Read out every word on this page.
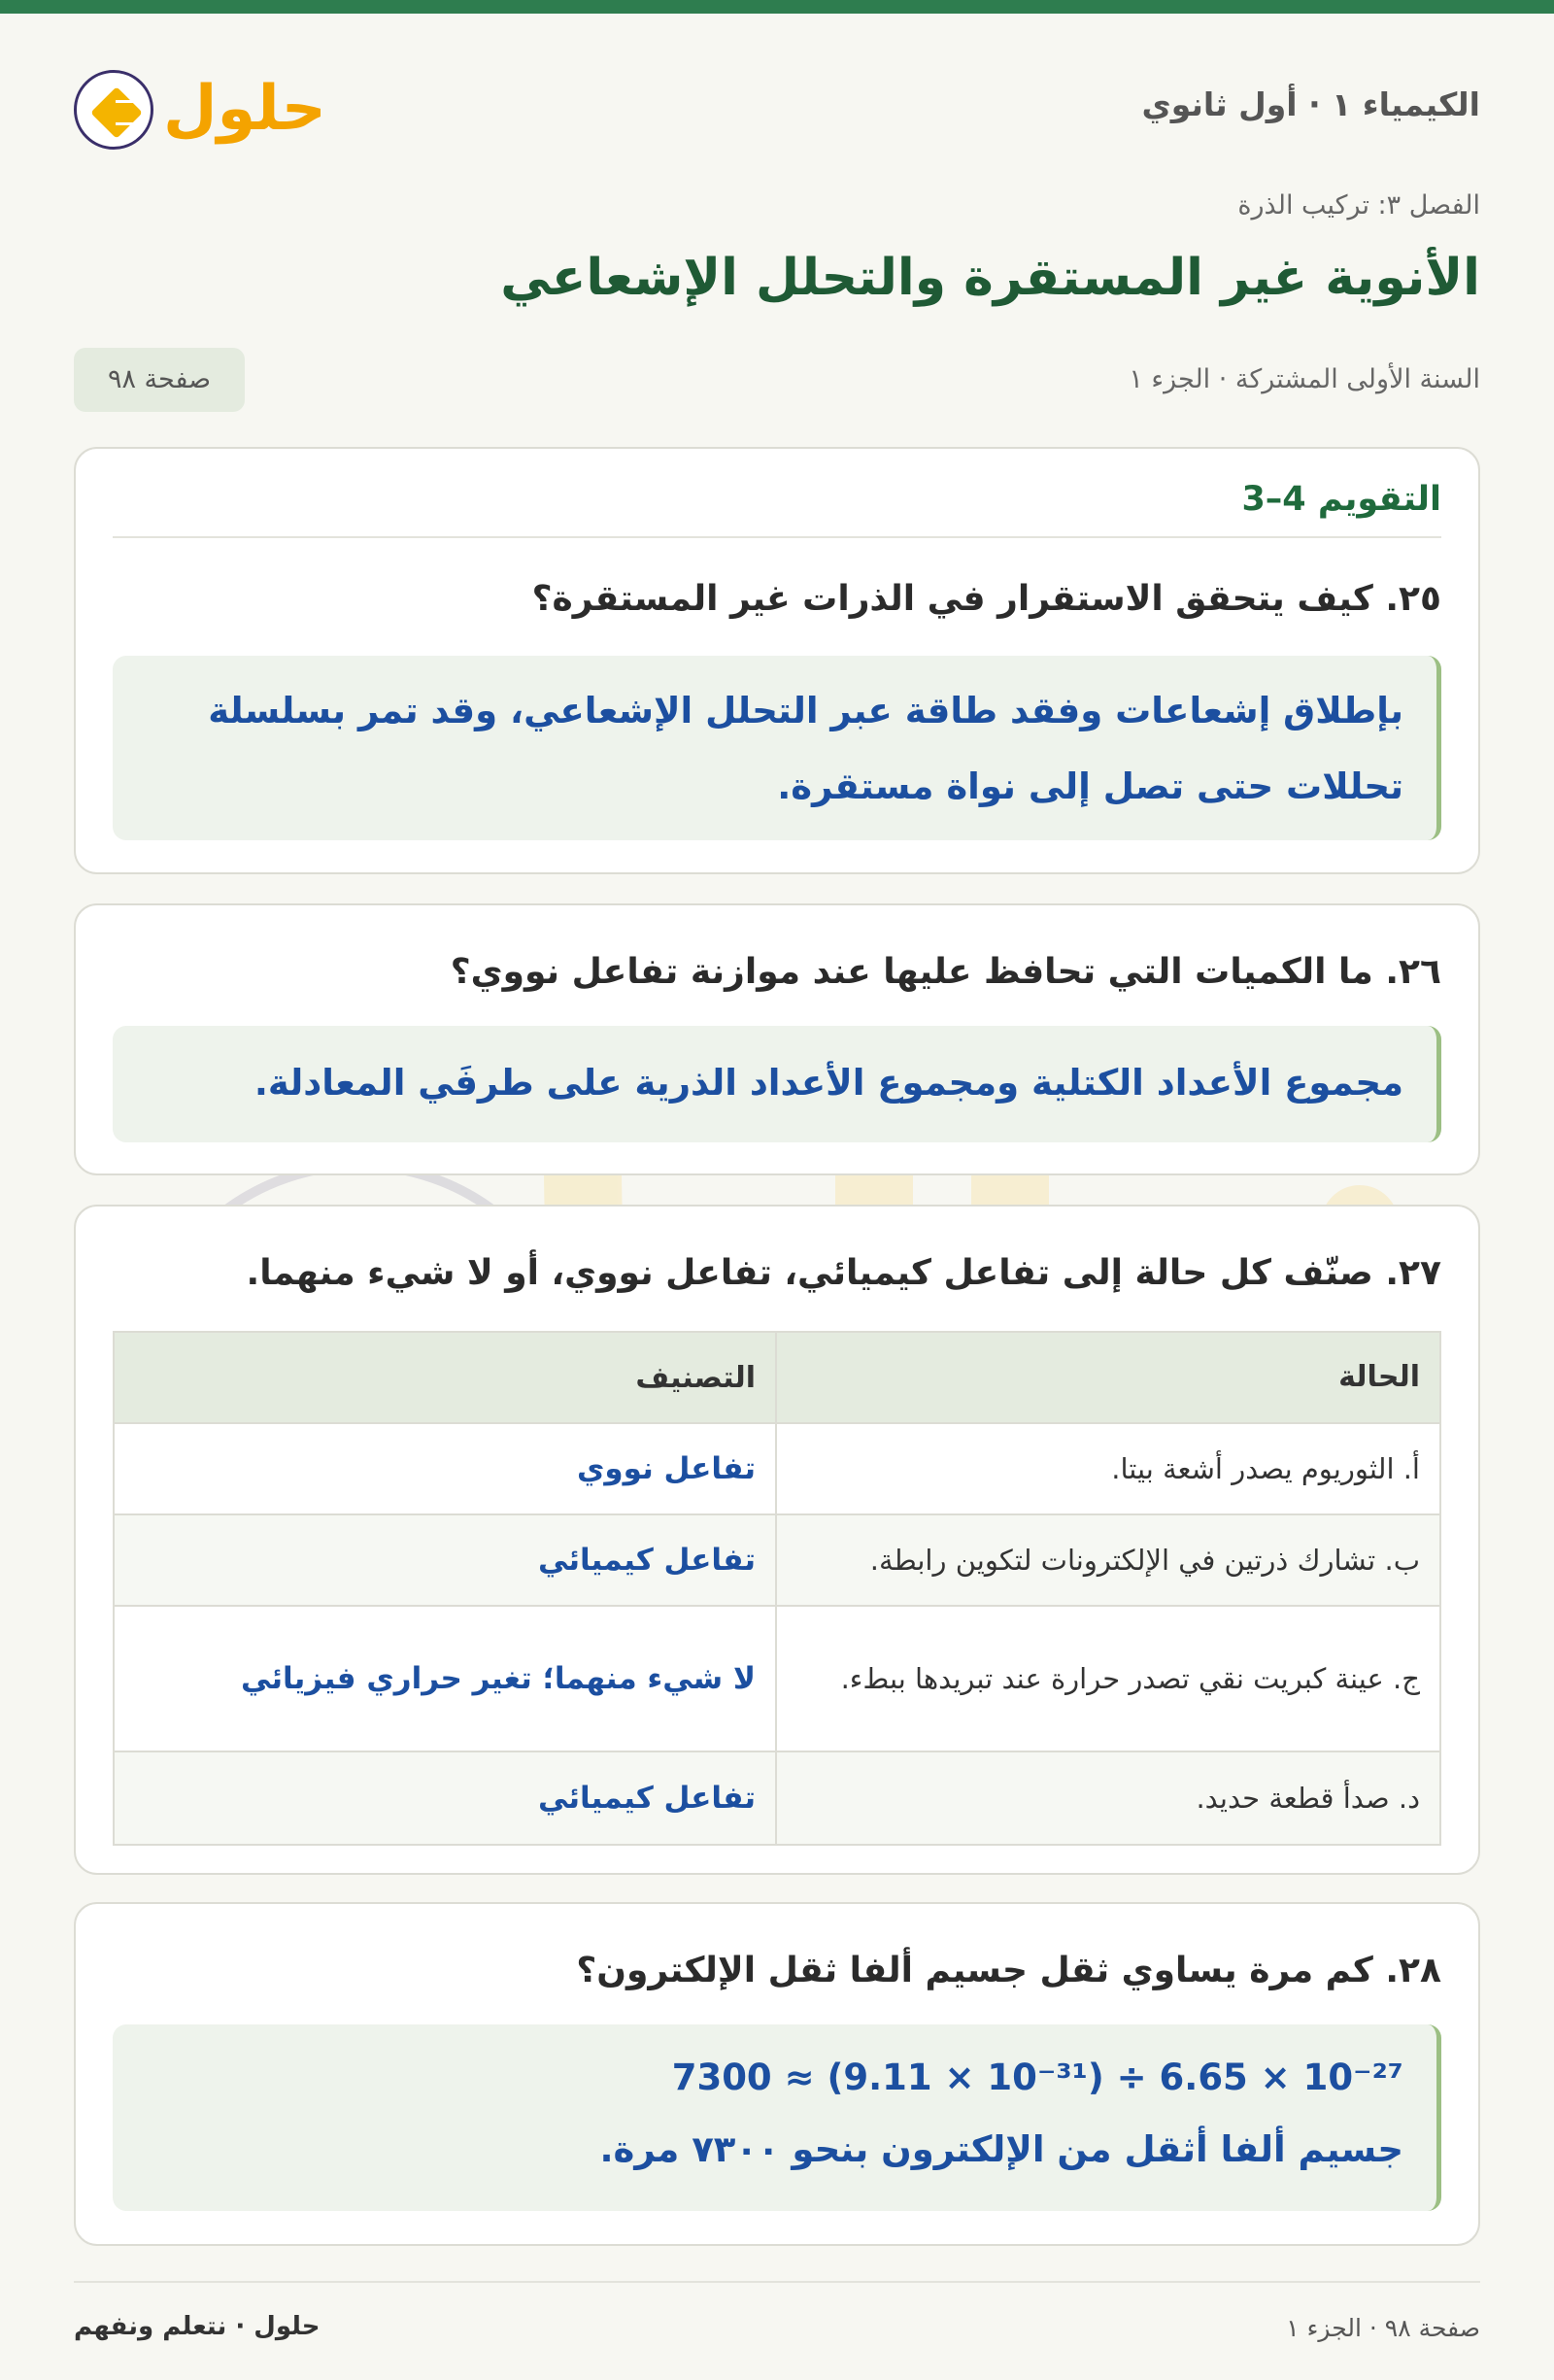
الكيمياء ١ · أول ثانوي
حلول
الفصل ٣: تركيب الذرة
الأنوية غير المستقرة والتحلل الإشعاعي
السنة الأولى المشتركة · الجزء ١
صفحة ٩٨
التقويم 4–3
٢٥. كيف يتحقق الاستقرار في الذرات غير المستقرة؟
بإطلاق إشعاعات وفقد طاقة عبر التحلل الإشعاعي، وقد تمر بسلسلة تحللات حتى تصل إلى نواة مستقرة.
٢٦. ما الكميات التي تحافظ عليها عند موازنة تفاعل نووي؟
مجموع الأعداد الكتلية ومجموع الأعداد الذرية على طرفَي المعادلة.
٢٧. صنّف كل حالة إلى تفاعل كيميائي، تفاعل نووي، أو لا شيء منهما.
الحالة
التصنيف
أ. الثوريوم يصدر أشعة بيتا.
تفاعل نووي
ب. تشارك ذرتين في الإلكترونات لتكوين رابطة.
تفاعل كيميائي
ج. عينة كبريت نقي تصدر حرارة عند تبريدها ببطء.
لا شيء منهما؛ تغير حراري فيزيائي
د. صدأ قطعة حديد.
تفاعل كيميائي
٢٨. كم مرة يساوي ثقل جسيم ألفا ثقل الإلكترون؟
7300 ≈ (9.11 × 10⁻³¹) ÷ 6.65 × 10⁻²⁷
جسيم ألفا أثقل من الإلكترون بنحو ٧٣٠٠ مرة.
صفحة ٩٨ · الجزء ١
حلول · نتعلم ونفهم
